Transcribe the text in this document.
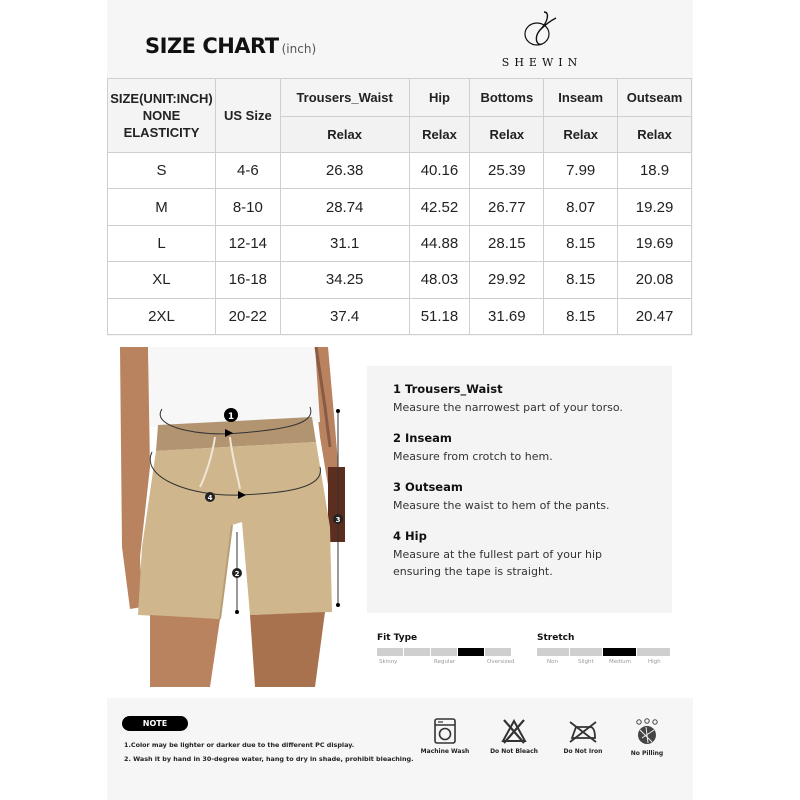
SIZE CHART (inch)
SHEWIN
SIZE(UNIT:INCH)
NONE
ELASTICITY	US Size	Trousers_Waist	Hip	Bottoms	Inseam	Outseam
		Relax	Relax	Relax	Relax	Relax
S	4-6	26.38	40.16	25.39	7.99	18.9
M	8-10	28.74	42.52	26.77	8.07	19.29
L	12-14	31.1	44.88	28.15	8.15	19.69
XL	16-18	34.25	48.03	29.92	8.15	20.08
2XL	20-22	37.4	51.18	31.69	8.15	20.47
1
4
2
3
1 Trousers_Waist
Measure the narrowest part of your torso.
2 Inseam
Measure from crotch to hem.
3 Outseam
Measure the waist to hem of the pants.
4 Hip
Measure at the fullest part of your hip
ensuring the tape is straight.
Fit Type
Skinny	Regular	Oversized
Stretch
Non	Slight	Medium	High
NOTE
1.Color may be lighter or darker due to the different PC display.
2. Wash it by hand in 30-degree water, hang to dry in shade, prohibit bleaching.
Machine Wash	Do Not Bleach	Do Not Iron	No Pilling
